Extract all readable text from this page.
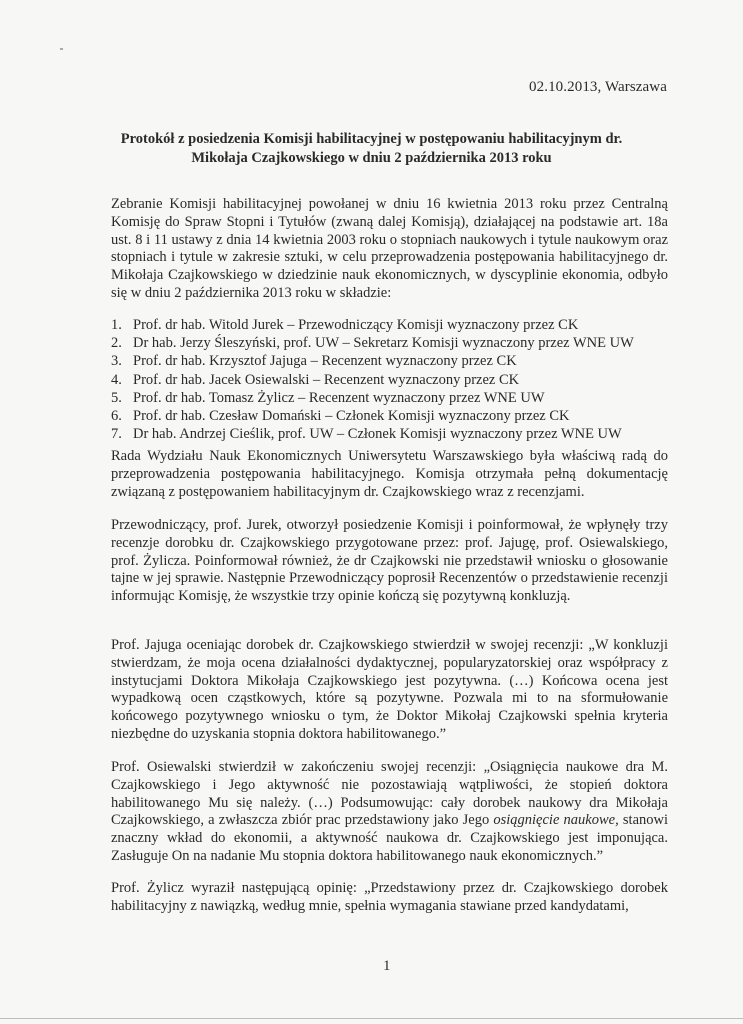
02.10.2013, Warszawa
Protokół z posiedzenia Komisji habilitacyjnej w postępowaniu habilitacyjnym dr. Mikołaja Czajkowskiego w dniu 2 października 2013 roku
Zebranie Komisji habilitacyjnej powołanej w dniu 16 kwietnia 2013 roku przez Centralną Komisję do Spraw Stopni i Tytułów (zwaną dalej Komisją), działającej na podstawie art. 18a ust. 8 i 11 ustawy z dnia 14 kwietnia 2003 roku o stopniach naukowych i tytule naukowym oraz stopniach i tytule w zakresie sztuki, w celu przeprowadzenia postępowania habilitacyjnego dr. Mikołaja Czajkowskiego w dziedzinie nauk ekonomicznych, w dyscyplinie ekonomia, odbyło się w dniu 2 października 2013 roku w składzie:
1. Prof. dr hab. Witold Jurek – Przewodniczący Komisji wyznaczony przez CK
2. Dr hab. Jerzy Śleszyński, prof. UW – Sekretarz Komisji wyznaczony przez WNE UW
3. Prof. dr hab. Krzysztof Jajuga – Recenzent wyznaczony przez CK
4. Prof. dr hab. Jacek Osiewalski – Recenzent wyznaczony przez CK
5. Prof. dr hab. Tomasz Żylicz – Recenzent wyznaczony przez WNE UW
6. Prof. dr hab. Czesław Domański – Członek Komisji wyznaczony przez CK
7. Dr hab. Andrzej Cieślik, prof. UW – Członek Komisji wyznaczony przez WNE UW
Rada Wydziału Nauk Ekonomicznych Uniwersytetu Warszawskiego była właściwą radą do przeprowadzenia postępowania habilitacyjnego. Komisja otrzymała pełną dokumentację związaną z postępowaniem habilitacyjnym dr. Czajkowskiego wraz z recenzjami.
Przewodniczący, prof. Jurek, otworzył posiedzenie Komisji i poinformował, że wpłynęły trzy recenzje dorobku dr. Czajkowskiego przygotowane przez: prof. Jajugę, prof. Osiewalskiego, prof. Żylicza. Poinformował również, że dr Czajkowski nie przedstawił wniosku o głosowanie tajne w jej sprawie. Następnie Przewodniczący poprosił Recenzentów o przedstawienie recenzji informując Komisję, że wszystkie trzy opinie kończą się pozytywną konkluzją.
Prof. Jajuga oceniając dorobek dr. Czajkowskiego stwierdził w swojej recenzji: „W konkluzji stwierdzam, że moja ocena działalności dydaktycznej, popularyzatorskiej oraz współpracy z instytucjami Doktora Mikołaja Czajkowskiego jest pozytywna. (…) Końcowa ocena jest wypadkową ocen cząstkowych, które są pozytywne. Pozwala mi to na sformułowanie końcowego pozytywnego wniosku o tym, że Doktor Mikołaj Czajkowski spełnia kryteria niezbędne do uzyskania stopnia doktora habilitowanego.”
Prof. Osiewalski stwierdził w zakończeniu swojej recenzji: „Osiągnięcia naukowe dra M. Czajkowskiego i Jego aktywność nie pozostawiają wątpliwości, że stopień doktora habilitowanego Mu się należy. (…) Podsumowując: cały dorobek naukowy dra Mikołaja Czajkowskiego, a zwłaszcza zbiór prac przedstawiony jako Jego osiągnięcie naukowe, stanowi znaczny wkład do ekonomii, a aktywność naukowa dr. Czajkowskiego jest imponująca. Zasługuje On na nadanie Mu stopnia doktora habilitowanego nauk ekonomicznych.”
Prof. Żylicz wyraził następującą opinię: „Przedstawiony przez dr. Czajkowskiego dorobek habilitacyjny z nawiązką, według mnie, spełnia wymagania stawiane przed kandydatami,
1
